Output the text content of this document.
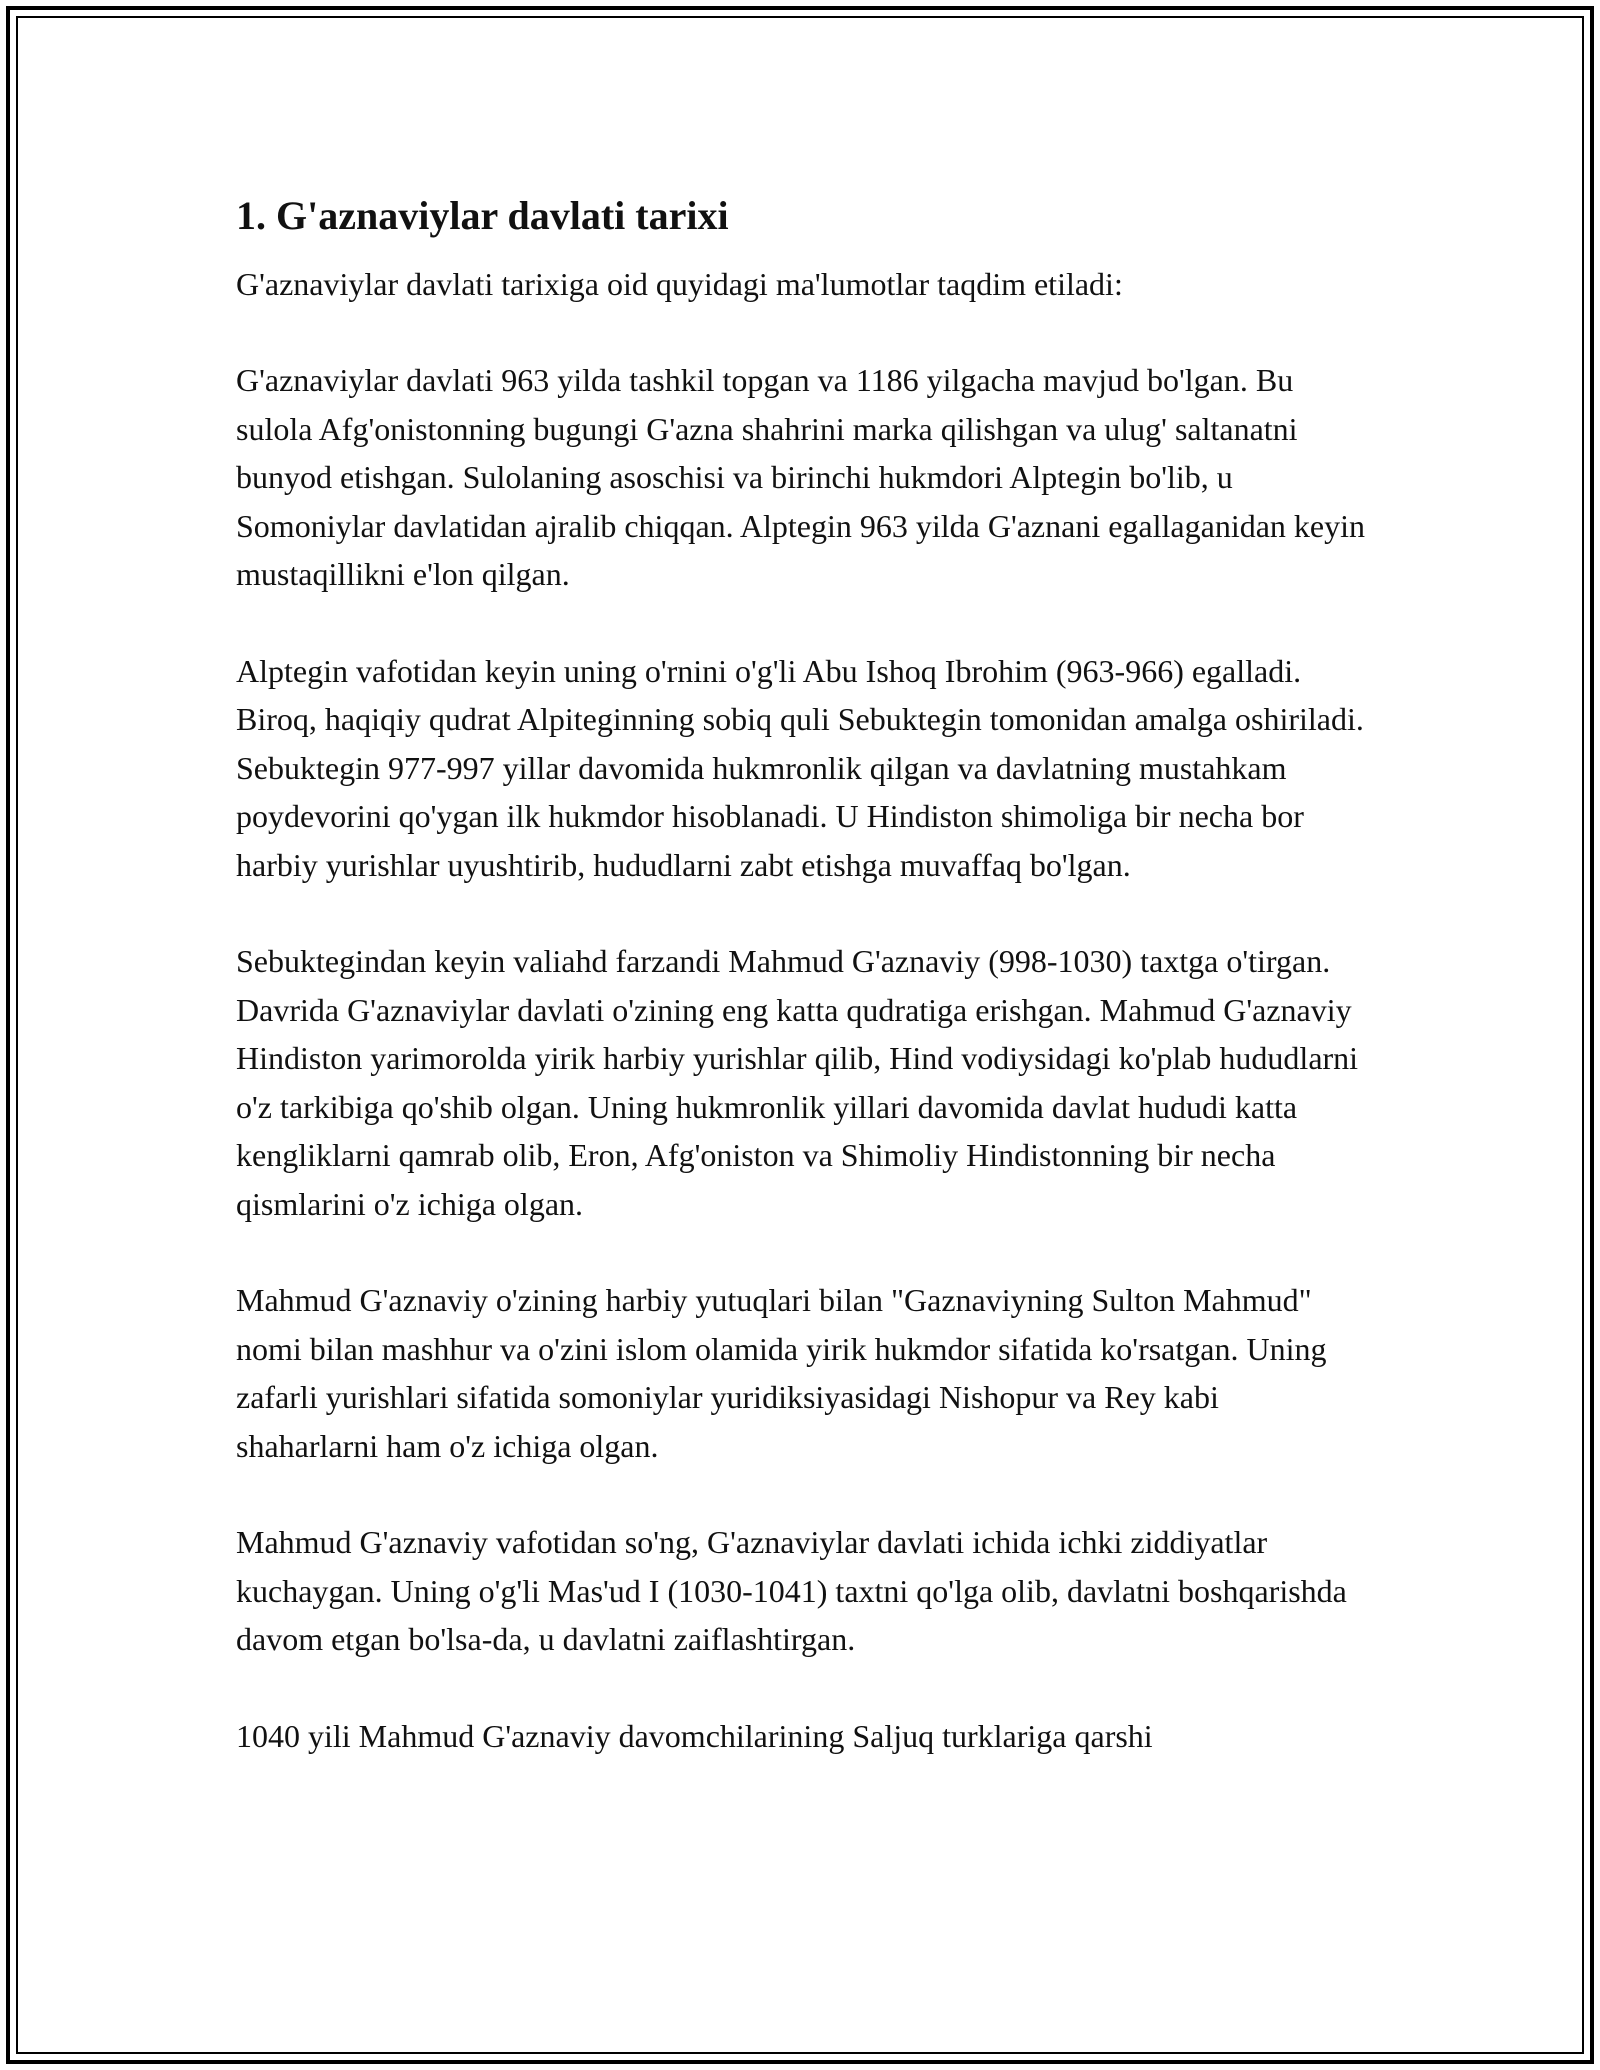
1. G'aznaviylar davlati tarixi

G'aznaviylar davlati tarixiga oid quyidagi ma'lumotlar taqdim etiladi:

G'aznaviylar davlati 963 yilda tashkil topgan va 1186 yilgacha mavjud bo'lgan. Bu sulola Afg'onistonning bugungi G'azna shahrini marka qilishgan va ulug' saltanatni bunyod etishgan. Sulolaning asoschisi va birinchi hukmdori Alptegin bo'lib, u Somoniylar davlatidan ajralib chiqqan. Alptegin 963 yilda G'aznani egallaganidan keyin mustaqillikni e'lon qilgan.

Alptegin vafotidan keyin uning o'rnini o'g'li Abu Ishoq Ibrohim (963-966) egalladi. Biroq, haqiqiy qudrat Alpiteginning sobiq quli Sebuktegin tomonidan amalga oshiriladi. Sebuktegin 977-997 yillar davomida hukmronlik qilgan va davlatning mustahkam poydevorini qo'ygan ilk hukmdor hisoblanadi. U Hindiston shimoliga bir necha bor harbiy yurishlar uyushtirib, hududlarni zabt etishga muvaffaq bo'lgan.

Sebuktegindan keyin valiahd farzandi Mahmud G'aznaviy (998-1030) taxtga o'tirgan. Davrida G'aznaviylar davlati o'zining eng katta qudratiga erishgan. Mahmud G'aznaviy Hindiston yarimorolda yirik harbiy yurishlar qilib, Hind vodiysidagi ko'plab hududlarni o'z tarkibiga qo'shib olgan. Uning hukmronlik yillari davomida davlat hududi katta kengliklarni qamrab olib, Eron, Afg'oniston va Shimoliy Hindistonning bir necha qismlarini o'z ichiga olgan.

Mahmud G'aznaviy o'zining harbiy yutuqlari bilan "Gaznaviyning Sulton Mahmud" nomi bilan mashhur va o'zini islom olamida yirik hukmdor sifatida ko'rsatgan. Uning zafarli yurishlari sifatida somoniylar yuridiksiyasidagi Nishopur va Rey kabi shaharlarni ham o'z ichiga olgan.

Mahmud G'aznaviy vafotidan so'ng, G'aznaviylar davlati ichida ichki ziddiyatlar kuchaygan. Uning o'g'li Mas'ud I (1030-1041) taxtni qo'lga olib, davlatni boshqarishda davom etgan bo'lsa-da, u davlatni zaiflashtirgan.

1040 yili Mahmud G'aznaviy davomchilarining Saljuq turklariga qarshi
